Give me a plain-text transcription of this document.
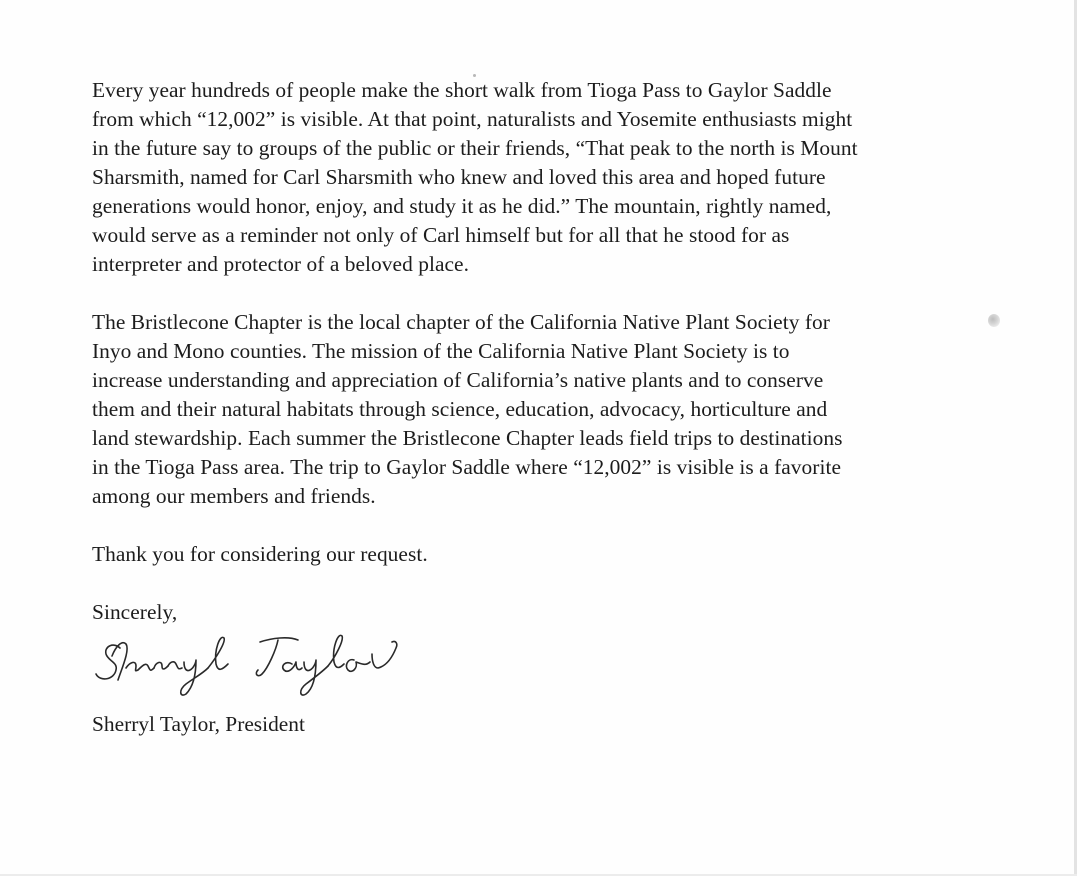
Every year hundreds of people make the short walk from Tioga Pass to Gaylor Saddle
from which “12,002” is visible. At that point, naturalists and Yosemite enthusiasts might
in the future say to groups of the public or their friends, “That peak to the north is Mount
Sharsmith, named for Carl Sharsmith who knew and loved this area and hoped future
generations would honor, enjoy, and study it as he did.” The mountain, rightly named,
would serve as a reminder not only of Carl himself but for all that he stood for as
interpreter and protector of a beloved place.
The Bristlecone Chapter is the local chapter of the California Native Plant Society for
Inyo and Mono counties. The mission of the California Native Plant Society is to
increase understanding and appreciation of California’s native plants and to conserve
them and their natural habitats through science, education, advocacy, horticulture and
land stewardship. Each summer the Bristlecone Chapter leads field trips to destinations
in the Tioga Pass area. The trip to Gaylor Saddle where “12,002” is visible is a favorite
among our members and friends.
Thank you for considering our request.
Sincerely,
Sherryl Taylor, President
